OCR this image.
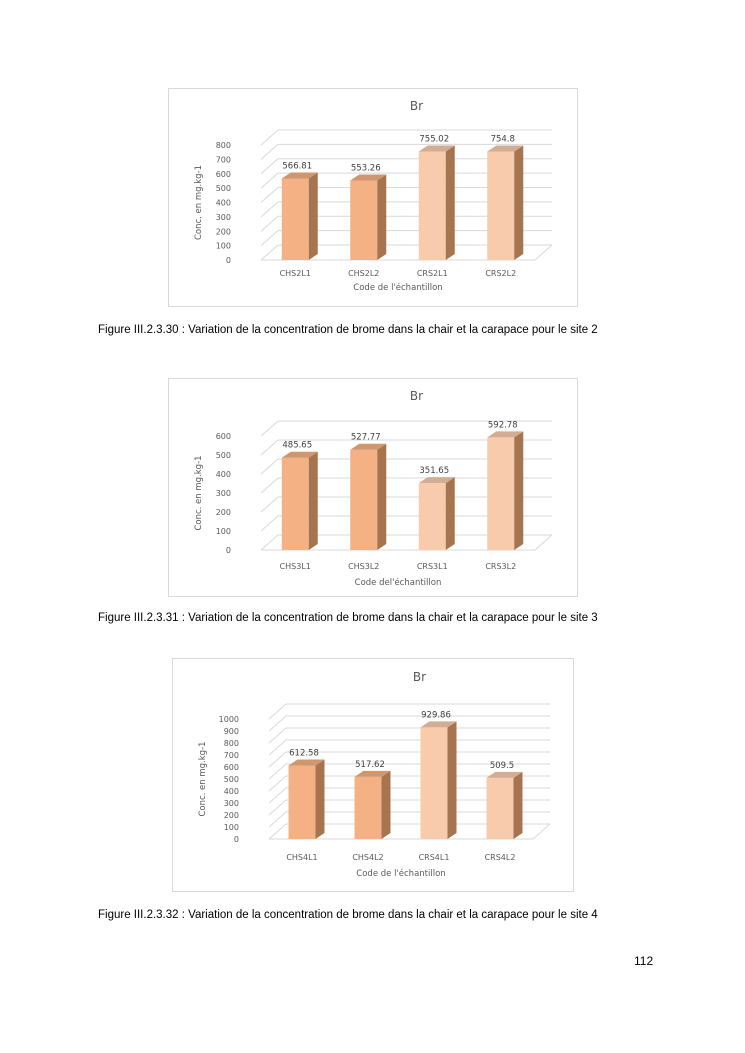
Br
0
100
200
300
400
500
600
700
800
Conc. en mg.kg-1	566.81
CHS2L1
553.26
CHS2L2
755.02
CRS2L1
754.8
CRS2L2
Code de l'échantillon
Figure III.2.3.30 : Variation de la concentration de brome dans la chair et la carapace pour le site 2
Br
0
100
200
300
400
500
600
Conc. en mg.kg-1
485.65
CHS3L1
527.77
CHS3L2
351.65
CRS3L1
592.78
CRS3L2
Code del'échantillon
Figure III.2.3.31 : Variation de la concentration de brome dans la chair et la carapace pour le site 3
Br
0
100
200
300
400
500
600
700
800
900
1000
Conc. en mg.kg-1	612.58
CHS4L1
517.62
CHS4L2
929.86
CRS4L1
509.5
CRS4L2
Code de l'échantillon
Figure III.2.3.32 : Variation de la concentration de brome dans la chair et la carapace pour le site 4
112
